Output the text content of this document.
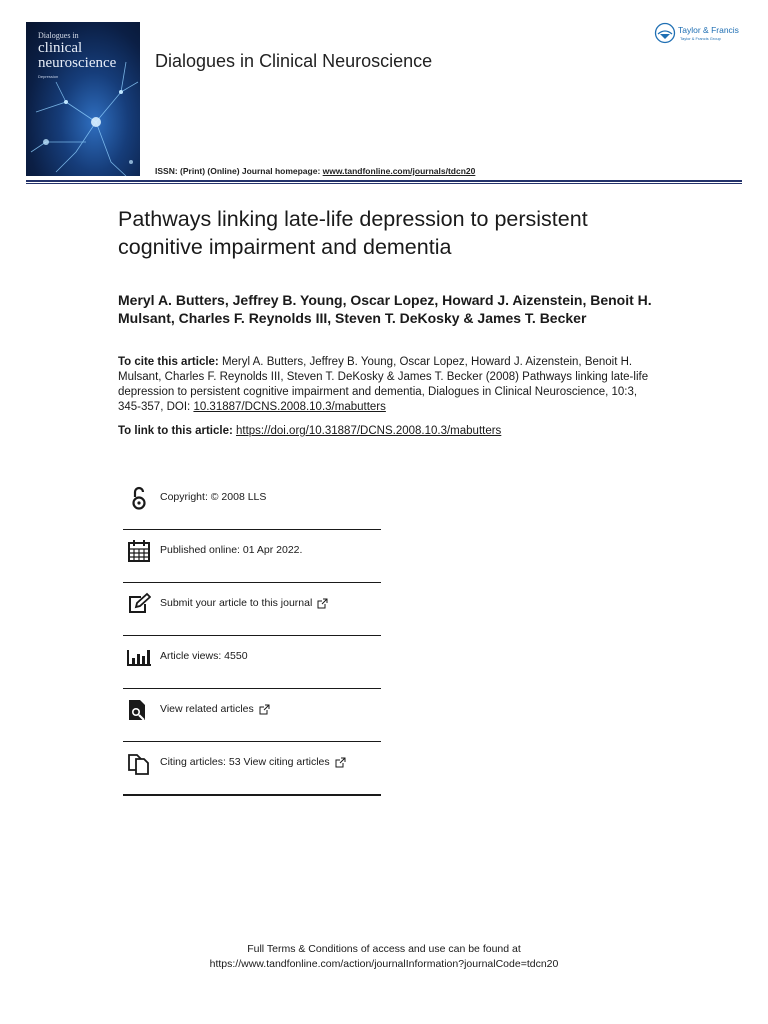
Dialogues in
clinical
neuroscience
Depression
Dialogues in Clinical Neuroscience
ISSN: (Print) (Online) Journal homepage: www.tandfonline.com/journals/tdcn20
Taylor & Francis
Taylor & Francis Group
Pathways linking late-life depression to persistent cognitive impairment and dementia
Meryl A. Butters, Jeffrey B. Young, Oscar Lopez, Howard J. Aizenstein, Benoit H. Mulsant, Charles F. Reynolds III, Steven T. DeKosky & James T. Becker
To cite this article: Meryl A. Butters, Jeffrey B. Young, Oscar Lopez, Howard J. Aizenstein, Benoit H. Mulsant, Charles F. Reynolds III, Steven T. DeKosky & James T. Becker (2008) Pathways linking late-life depression to persistent cognitive impairment and dementia, Dialogues in Clinical Neuroscience, 10:3, 345-357, DOI: 10.31887/DCNS.2008.10.3/mabutters
To link to this article: https://doi.org/10.31887/DCNS.2008.10.3/mabutters
Copyright: © 2008 LLS
Published online: 01 Apr 2022.
Submit your article to this journal
Article views: 4550
View related articles
Citing articles: 53 View citing articles
Full Terms & Conditions of access and use can be found at
https://www.tandfonline.com/action/journalInformation?journalCode=tdcn20
